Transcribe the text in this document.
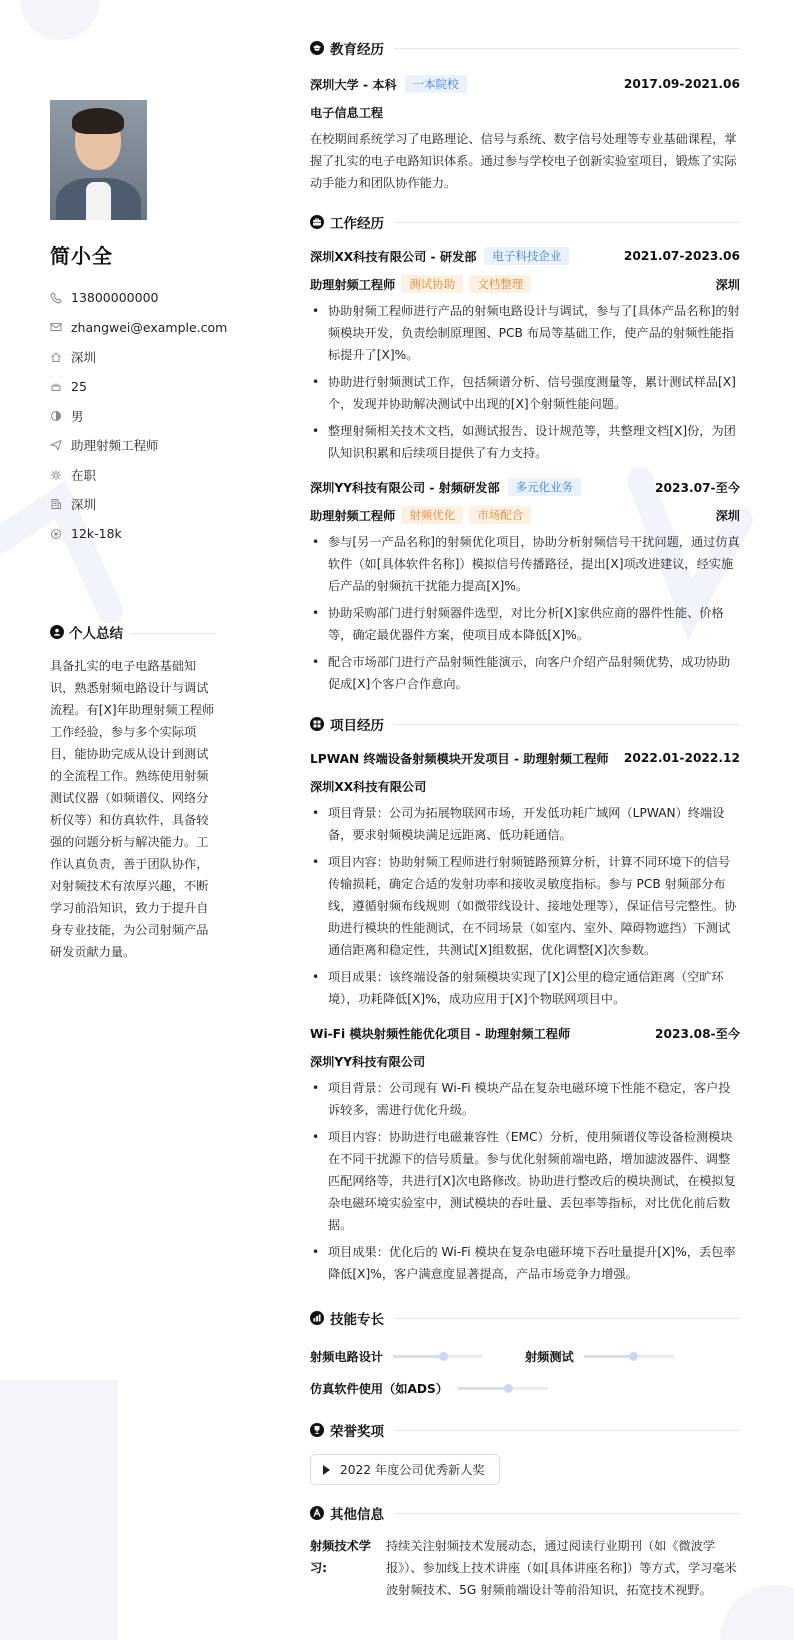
简小全
13800000000
zhangwei@example.com
深圳
25
男
助理射频工程师
在职
深圳
12k-18k
个人总结
具备扎实的电子电路基础知识，熟悉射频电路设计与调试流程。有[X]年助理射频工程师工作经验，参与多个实际项目，能协助完成从设计到测试的全流程工作。熟练使用射频测试仪器（如频谱仪、网络分析仪等）和仿真软件，具备较强的问题分析与解决能力。工作认真负责，善于团队协作，对射频技术有浓厚兴趣，不断学习前沿知识，致力于提升自身专业技能，为公司射频产品研发贡献力量。
教育经历
深圳大学 - 本科	一本院校	2017.09-2021.06
电子信息工程
在校期间系统学习了电路理论、信号与系统、数字信号处理等专业基础课程，掌握了扎实的电子电路知识体系。通过参与学校电子创新实验室项目，锻炼了实际动手能力和团队协作能力。
工作经历
深圳XX科技有限公司 - 研发部	电子科技企业	2021.07-2023.06
助理射频工程师	测试协助	文档整理	深圳
• 协助射频工程师进行产品的射频电路设计与调试，参与了[具体产品名称]的射频模块开发，负责绘制原理图、PCB 布局等基础工作，使产品的射频性能指标提升了[X]%。
• 协助进行射频测试工作，包括频谱分析、信号强度测量等，累计测试样品[X]个，发现并协助解决测试中出现的[X]个射频性能问题。
• 整理射频相关技术文档，如测试报告、设计规范等，共整理文档[X]份，为团队知识积累和后续项目提供了有力支持。
深圳YY科技有限公司 - 射频研发部	多元化业务	2023.07-至今
助理射频工程师	射频优化	市场配合	深圳
• 参与[另一产品名称]的射频优化项目，协助分析射频信号干扰问题，通过仿真软件（如[具体软件名称]）模拟信号传播路径，提出[X]项改进建议，经实施后产品的射频抗干扰能力提高[X]%。
• 协助采购部门进行射频器件选型，对比分析[X]家供应商的器件性能、价格等，确定最优器件方案，使项目成本降低[X]%。
• 配合市场部门进行产品射频性能演示，向客户介绍产品射频优势，成功协助促成[X]个客户合作意向。
项目经历
LPWAN 终端设备射频模块开发项目 - 助理射频工程师 2022.01-2022.12
深圳XX科技有限公司
• 项目背景：公司为拓展物联网市场，开发低功耗广域网（LPWAN）终端设备，要求射频模块满足远距离、低功耗通信。
• 项目内容：协助射频工程师进行射频链路预算分析，计算不同环境下的信号传输损耗，确定合适的发射功率和接收灵敏度指标。参与 PCB 射频部分布线，遵循射频布线规则（如微带线设计、接地处理等），保证信号完整性。协助进行模块的性能测试，在不同场景（如室内、室外、障碍物遮挡）下测试通信距离和稳定性，共测试[X]组数据，优化调整[X]次参数。
• 项目成果：该终端设备的射频模块实现了[X]公里的稳定通信距离（空旷环境），功耗降低[X]%，成功应用于[X]个物联网项目中。
Wi-Fi 模块射频性能优化项目 - 助理射频工程师	2023.08-至今
深圳YY科技有限公司
• 项目背景：公司现有 Wi-Fi 模块产品在复杂电磁环境下性能不稳定，客户投诉较多，需进行优化升级。
• 项目内容：协助进行电磁兼容性（EMC）分析，使用频谱仪等设备检测模块在不同干扰源下的信号质量。参与优化射频前端电路，增加滤波器件、调整匹配网络等，共进行[X]次电路修改。协助进行整改后的模块测试，在模拟复杂电磁环境实验室中，测试模块的吞吐量、丢包率等指标，对比优化前后数据。
• 项目成果：优化后的 Wi-Fi 模块在复杂电磁环境下吞吐量提升[X]%，丢包率降低[X]%，客户满意度显著提高，产品市场竞争力增强。
技能专长
射频电路设计	射频测试
仿真软件使用（如ADS）
荣誉奖项
2022 年度公司优秀新人奖
其他信息
射频技术学习:
持续关注射频技术发展动态，通过阅读行业期刊（如《微波学报》）、参加线上技术讲座（如[具体讲座名称]）等方式，学习毫米波射频技术、5G 射频前端设计等前沿知识，拓宽技术视野。
